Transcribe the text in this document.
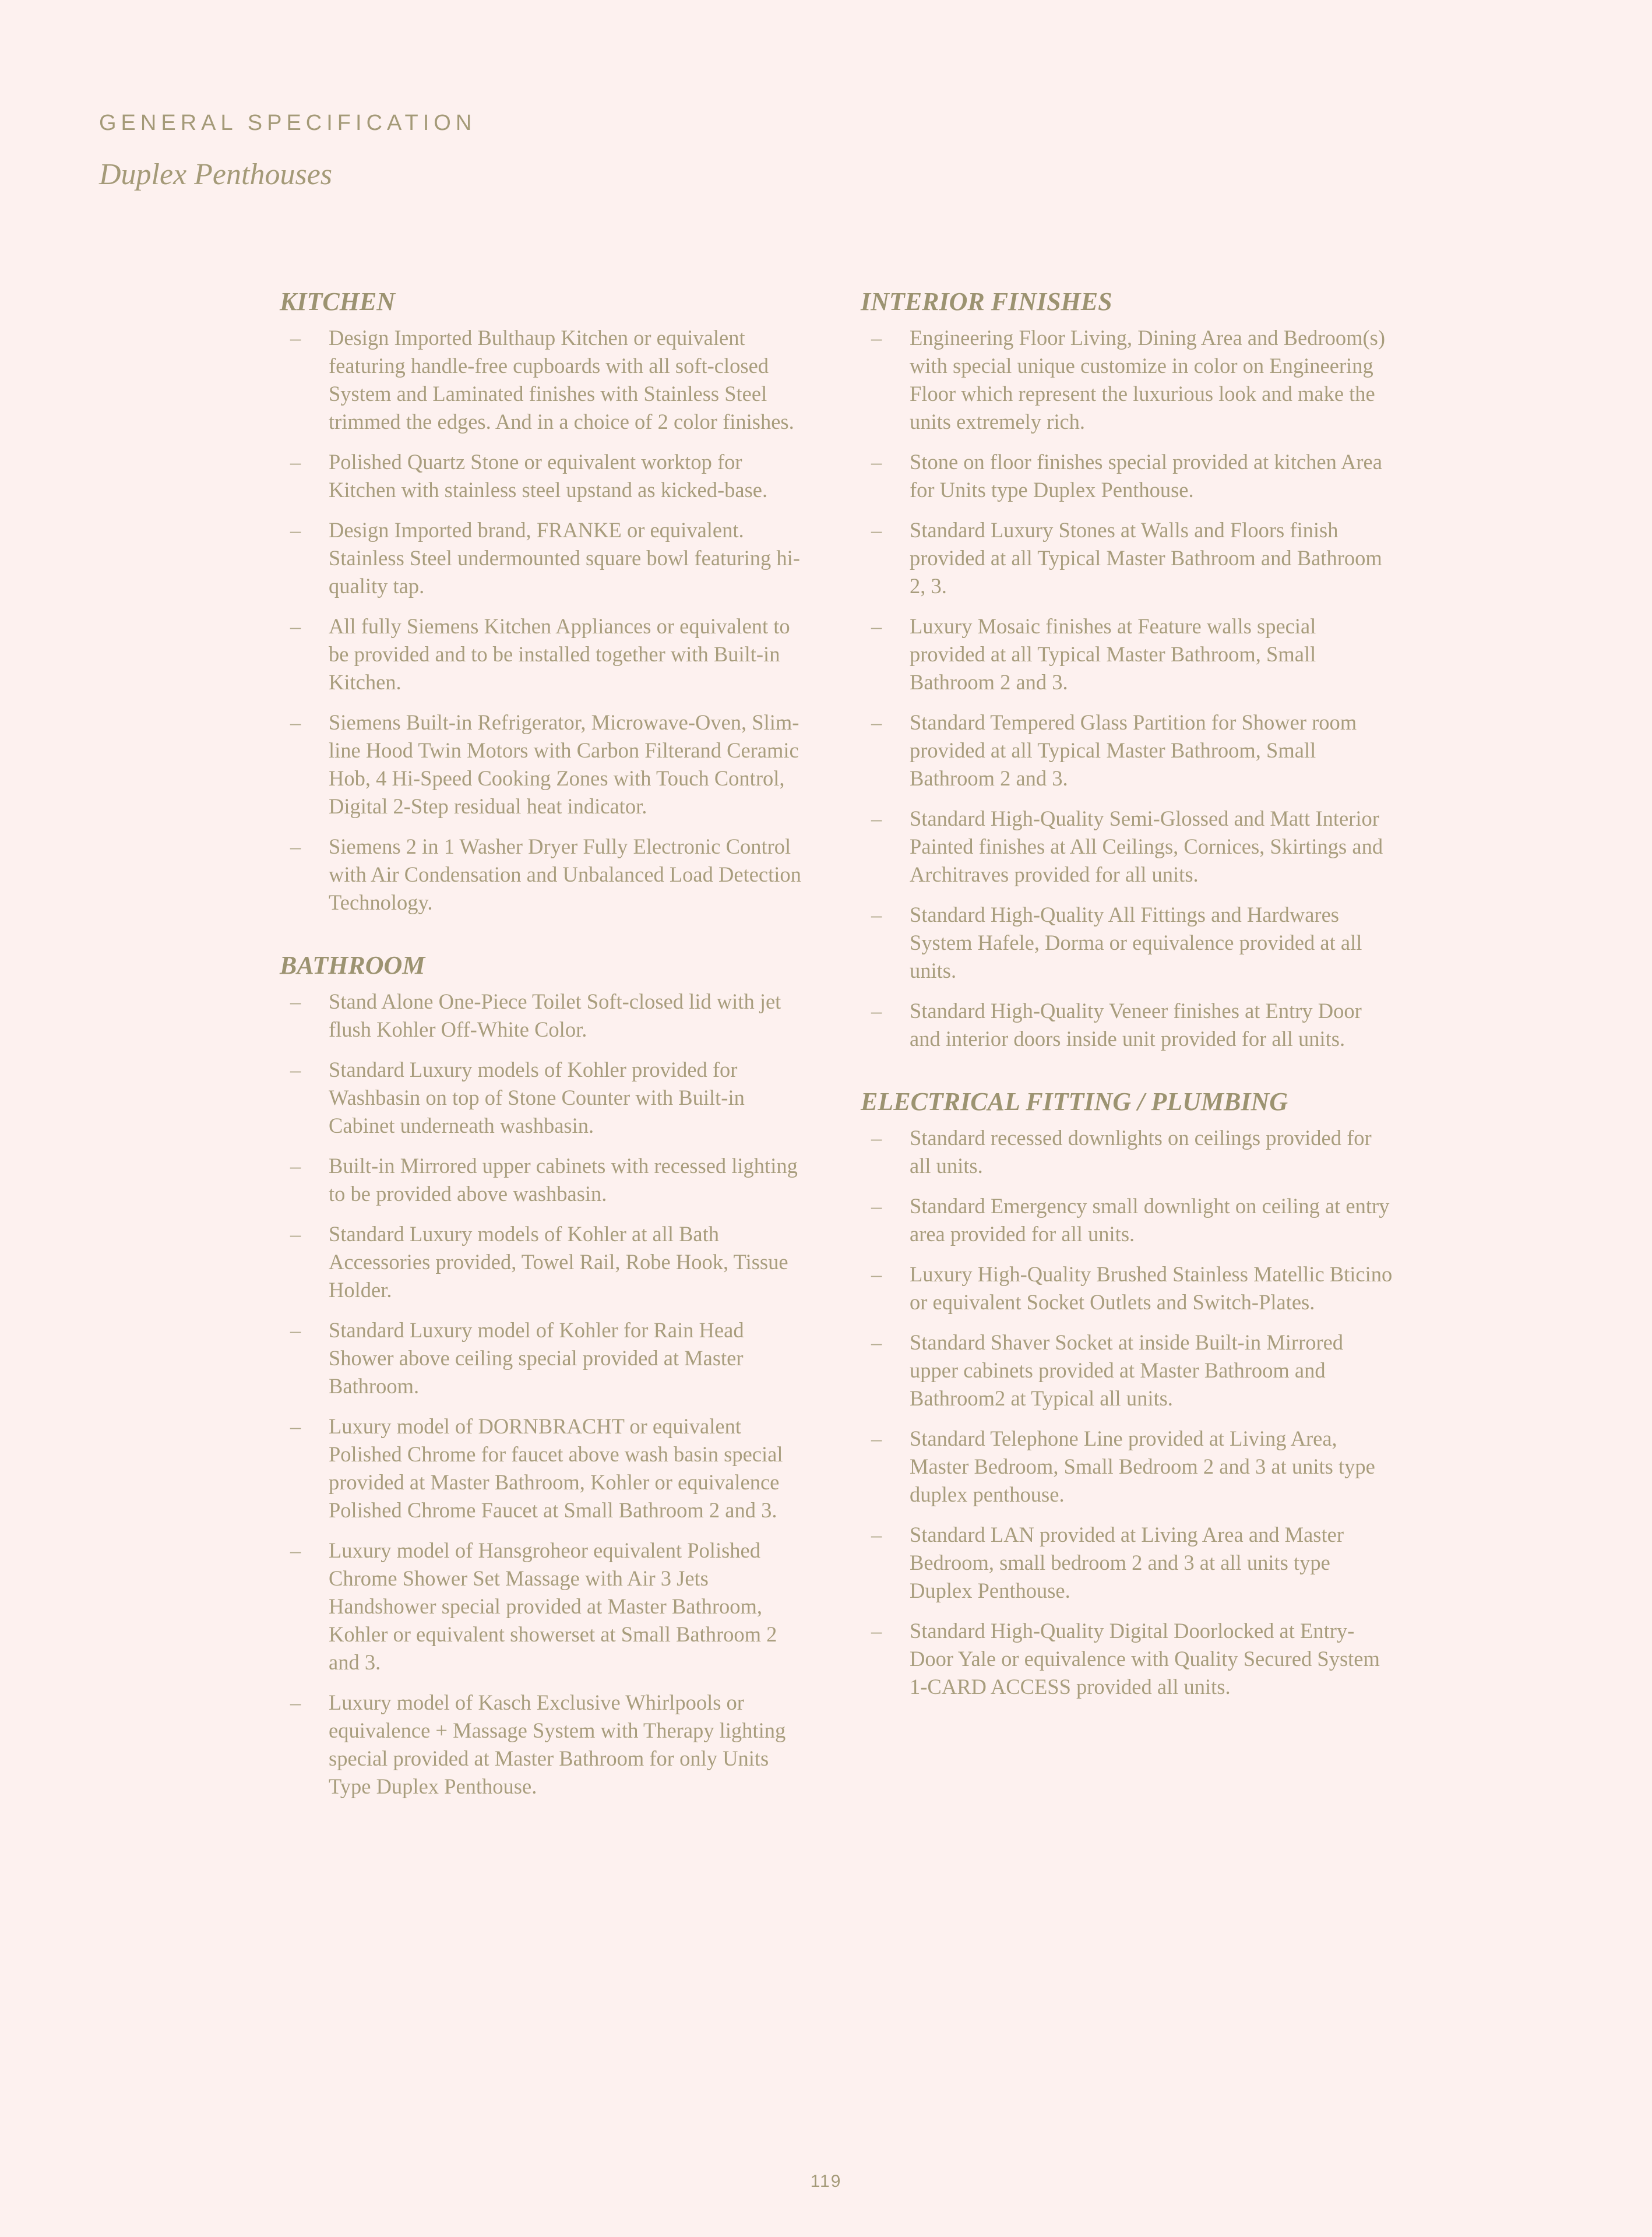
GENERAL SPECIFICATION
Duplex Penthouses
KITCHEN
– Design Imported Bulthaup Kitchen or equivalent featuring handle-free cupboards with all soft-closed System and Laminated finishes with Stainless Steel trimmed the edges. And in a choice of 2 color finishes.
– Polished Quartz Stone or equivalent worktop for Kitchen with stainless steel upstand as kicked-base.
– Design Imported brand, FRANKE or equivalent. Stainless Steel undermounted square bowl featuring hi-quality tap.
– All fully Siemens Kitchen Appliances or equivalent to be provided and to be installed together with Built-in Kitchen.
– Siemens Built-in Refrigerator, Microwave-Oven, Slim-line Hood Twin Motors with Carbon Filterand Ceramic Hob, 4 Hi-Speed Cooking Zones with Touch Control, Digital 2-Step residual heat indicator.
– Siemens 2 in 1 Washer Dryer Fully Electronic Control with Air Condensation and Unbalanced Load Detection Technology.
BATHROOM
– Stand Alone One-Piece Toilet Soft-closed lid with jet flush Kohler Off-White Color.
– Standard Luxury models of Kohler provided for Washbasin on top of Stone Counter with Built-in Cabinet underneath washbasin.
– Built-in Mirrored upper cabinets with recessed lighting to be provided above washbasin.
– Standard Luxury models of Kohler at all Bath Accessories provided, Towel Rail, Robe Hook, Tissue Holder.
– Standard Luxury model of Kohler for Rain Head Shower above ceiling special provided at Master Bathroom.
– Luxury model of DORNBRACHT or equivalent Polished Chrome for faucet above wash basin special provided at Master Bathroom, Kohler or equivalence Polished Chrome Faucet at Small Bathroom 2 and 3.
– Luxury model of Hansgroheor equivalent Polished Chrome Shower Set Massage with Air 3 Jets Handshower special provided at Master Bathroom, Kohler or equivalent showerset at Small Bathroom 2 and 3.
– Luxury model of Kasch Exclusive Whirlpools or equivalence + Massage System with Therapy lighting special provided at Master Bathroom for only Units Type Duplex Penthouse.
INTERIOR FINISHES
– Engineering Floor Living, Dining Area and Bedroom(s) with special unique customize in color on Engineering Floor which represent the luxurious look and make the units extremely rich.
– Stone on floor finishes special provided at kitchen Area for Units type Duplex Penthouse.
– Standard Luxury Stones at Walls and Floors finish provided at all Typical Master Bathroom and Bathroom 2, 3.
– Luxury Mosaic finishes at Feature walls special provided at all Typical Master Bathroom, Small Bathroom 2 and 3.
– Standard Tempered Glass Partition for Shower room provided at all Typical Master Bathroom, Small Bathroom 2 and 3.
– Standard High-Quality Semi-Glossed and Matt Interior Painted finishes at All Ceilings, Cornices, Skirtings and Architraves provided for all units.
– Standard High-Quality All Fittings and Hardwares System Hafele, Dorma or equivalence provided at all units.
– Standard High-Quality Veneer finishes at Entry Door and interior doors inside unit provided for all units.
ELECTRICAL FITTING / PLUMBING
– Standard recessed downlights on ceilings provided for all units.
– Standard Emergency small downlight on ceiling at entry area provided for all units.
– Luxury High-Quality Brushed Stainless Matellic Bticino or equivalent Socket Outlets and Switch-Plates.
– Standard Shaver Socket at inside Built-in Mirrored upper cabinets provided at Master Bathroom and Bathroom2 at Typical all units.
– Standard Telephone Line provided at Living Area, Master Bedroom, Small Bedroom 2 and 3 at units type duplex penthouse.
– Standard LAN provided at Living Area and Master Bedroom, small bedroom 2 and 3 at all units type Duplex Penthouse.
– Standard High-Quality Digital Doorlocked at Entry-Door Yale or equivalence with Quality Secured System 1-CARD ACCESS provided all units.
119
